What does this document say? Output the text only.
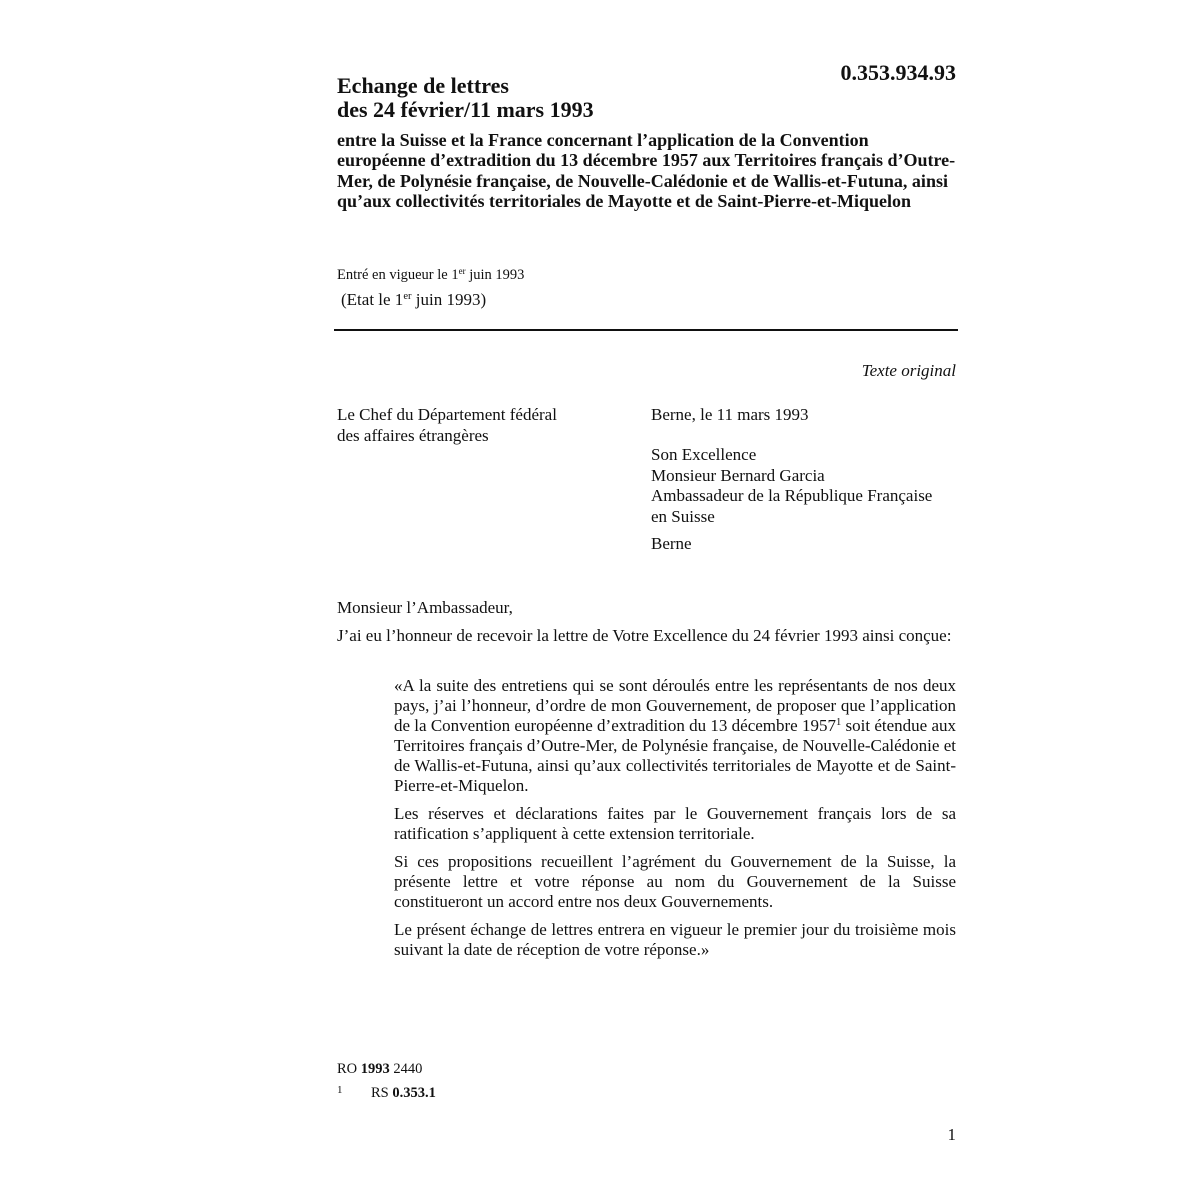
0.353.934.93
Echange de lettres
des 24 février/11 mars 1993
entre la Suisse et la France concernant l’application de la Convention européenne d’extradition du 13 décembre 1957 aux Territoires français d’Outre-Mer, de Polynésie française, de Nouvelle-Calédonie et de Wallis-et-Futuna, ainsi qu’aux collectivités territoriales de Mayotte et de Saint-Pierre-et-Miquelon
Entré en vigueur le 1er juin 1993
(Etat le 1er juin 1993)
Texte original
Le Chef du Département fédéral
des affaires étrangères
Berne, le 11 mars 1993
Son Excellence
Monsieur Bernard Garcia
Ambassadeur de la République Française
en Suisse
Berne
Monsieur l’Ambassadeur,
J’ai eu l’honneur de recevoir la lettre de Votre Excellence du 24 février 1993 ainsi conçue:

«A la suite des entretiens qui se sont déroulés entre les représentants de nos deux pays, j’ai l’honneur, d’ordre de mon Gouvernement, de proposer que l’application de la Convention européenne d’extradition du 13 décembre 1957$^1$ soit étendue aux Territoires français d’Outre-Mer, de Polynésie française, de Nouvelle-Calédonie et de Wallis-et-Futuna, ainsi qu’aux collectivités territoriales de Mayotte et de Saint-Pierre-et-Miquelon.

Les réserves et déclarations faites par le Gouvernement français lors de sa ratification s’appliquent à cette extension territoriale.

Si ces propositions recueillent l’agrément du Gouvernement de la Suisse, la présente lettre et votre réponse au nom du Gouvernement de la Suisse constitueront un accord entre nos deux Gouvernements.

Le présent échange de lettres entrera en vigueur le premier jour du troisième mois suivant la date de réception de votre réponse.»

RO 1993 2440
1 RS 0.353.1
1
